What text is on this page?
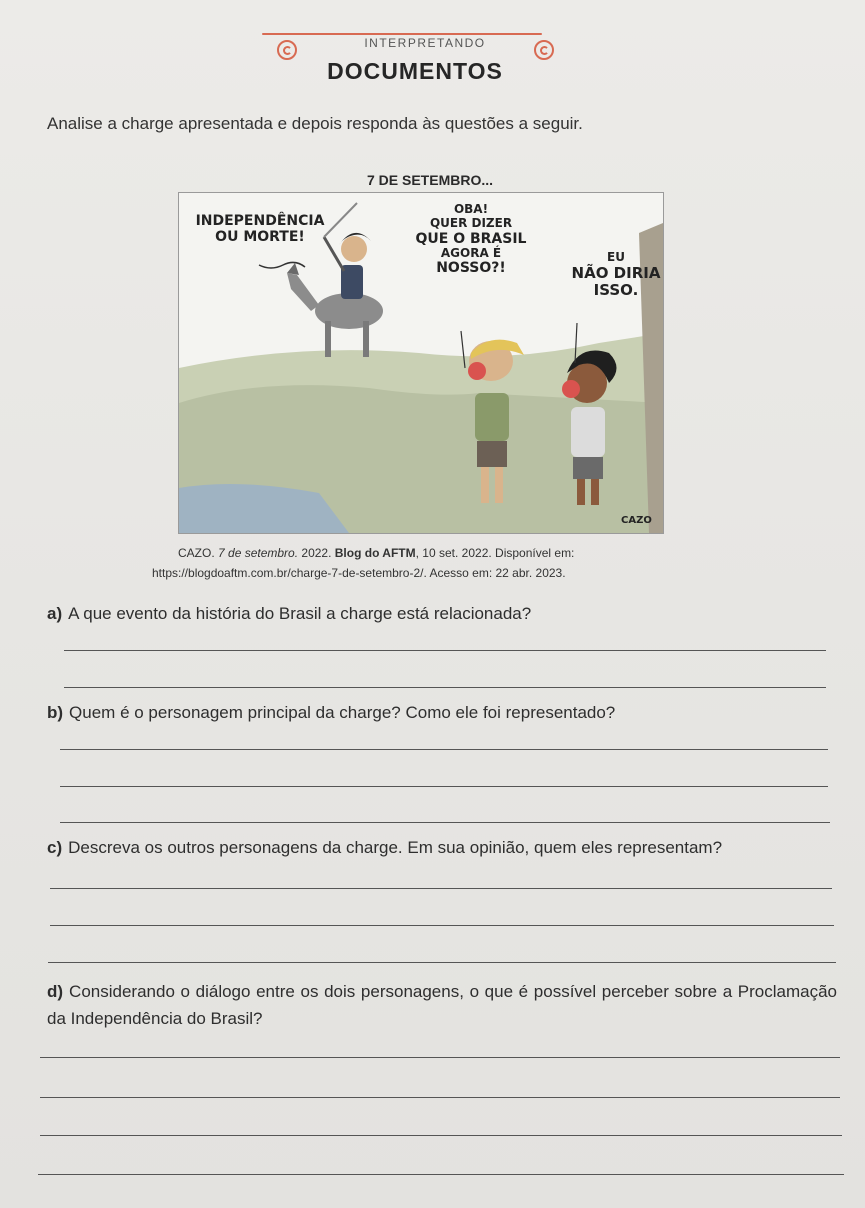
INTERPRETANDO
DOCUMENTOS
Analise a charge apresentada e depois responda às questões a seguir.
7 DE SETEMBRO...
INDEPENDÊNCIA
OU MORTE!
OBA!
QUER DIZER
QUE O BRASIL
AGORA É
NOSSO?!
EU
NÃO DIRIA
ISSO.
CAZO
CAZO. 7 de setembro. 2022. Blog do AFTM, 10 set. 2022. Disponível em:
https://blogdoaftm.com.br/charge-7-de-setembro-2/. Acesso em: 22 abr. 2023.
a) A que evento da história do Brasil a charge está relacionada?
b) Quem é o personagem principal da charge? Como ele foi representado?
c) Descreva os outros personagens da charge. Em sua opinião, quem eles representam?
d) Considerando o diálogo entre os dois personagens, o que é possível perceber sobre a Proclamação da Independência do Brasil?
